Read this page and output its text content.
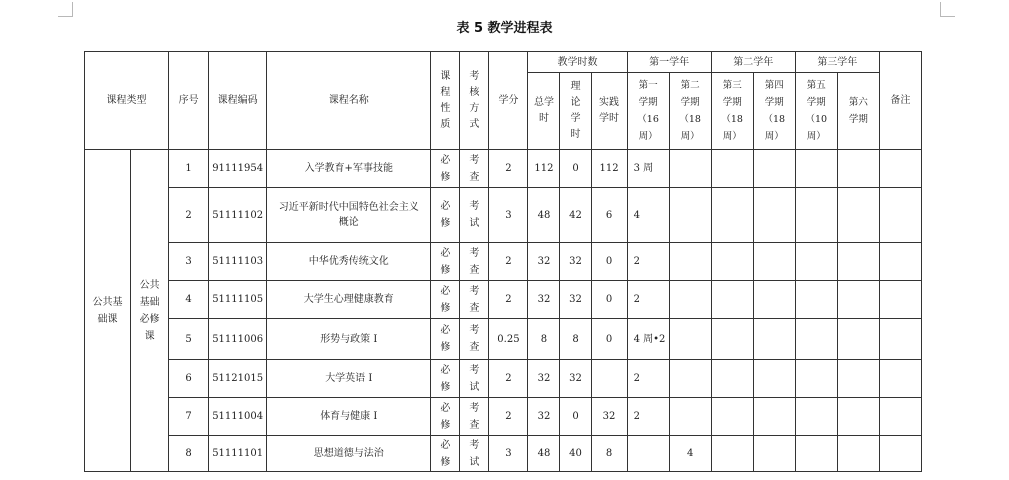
表 5 教学进程表
课程类型		序号	课程编码	课程名称	课
程
性
质	考
核
方
式	学分	教学时数			第一学年		第二学年		第三学年		备注
								总学
时	理
论
学
时	实践
学时	第一
学期
（16
周）	第二
学期
（18
周）	第三
学期
（18
周）	第四
学期
（18
周）	第五
学期
（10
周）	第六
学期	
公共基
础课	公共
基础
必修
课	1	91111954	入学教育+军事技能	必
修	考
查	2	112	0	112	3 周						
		2	51111102	习近平新时代中国特色社会主义
概论	必
修	考
试	3	48	42	6	4						
		3	51111103	中华优秀传统文化	必
修	考
查	2	32	32	0	2						
		4	51111105	大学生心理健康教育	必
修	考
查	2	32	32	0	2						
		5	51111006	形势与政策 I	必
修	考
查	0.25	8	8	0	4 周•2						
		6	51121015	大学英语 I	必
修	考
试	2	32	32		2						
		7	51111004	体育与健康 I	必
修	考
查	2	32	0	32	2						
		8	51111101	思想道德与法治	必
修	考
试	3	48	40	8		4					
